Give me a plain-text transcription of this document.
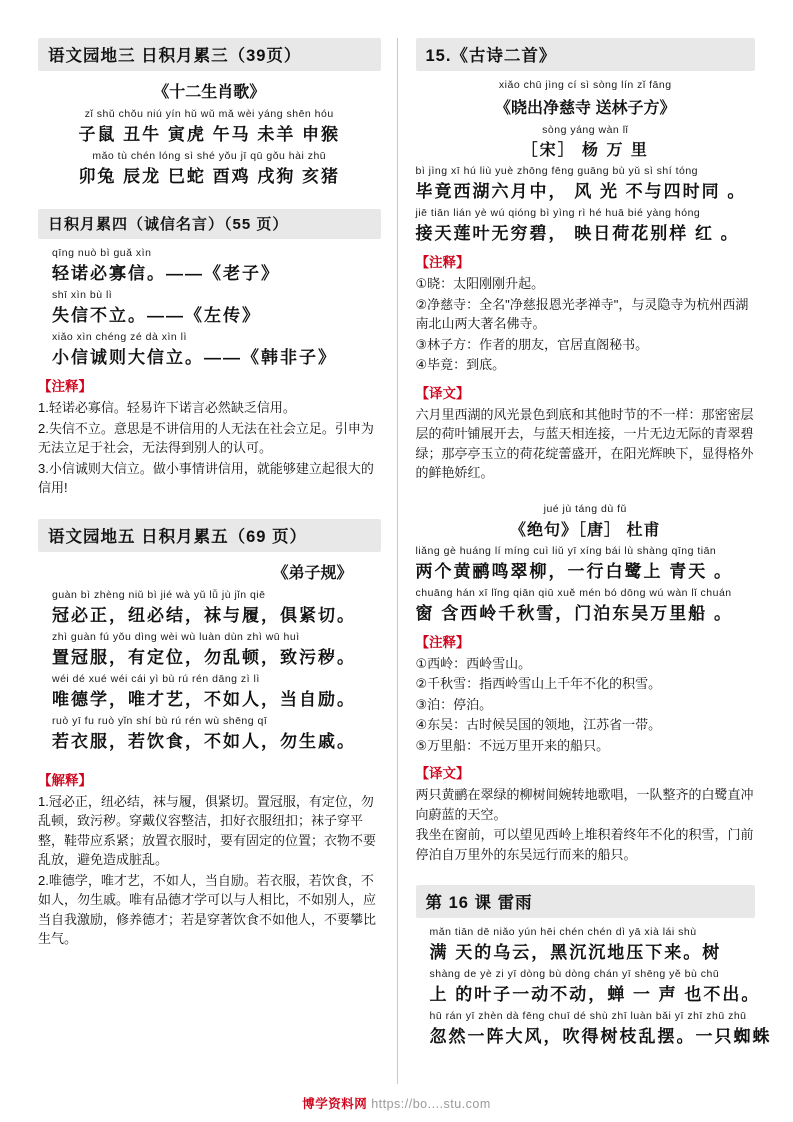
语文园地三 日积月累三（39页）
《十二生肖歌》
zǐ shǔ chǒu niú yín hǔ wǔ mǎ wèi yáng shēn hóu
子鼠 丑牛 寅虎 午马 未羊 申猴
mǎo tù chén lóng sì shé yǒu jī qū gǒu hài zhū
卯兔 辰龙 巳蛇 酉鸡 戌狗 亥猪
日积月累四（诚信名言）（55 页）
qīng nuò bì guǎ xìn
轻诺必寡信。——《老子》
shī xìn bù lì
失信不立。——《左传》
xiǎo xìn chéng zé dà xìn lì
小信诚则大信立。——《韩非子》
【注释】
1.轻诺必寡信。轻易许下诺言必然缺乏信用。
2.失信不立。意思是不讲信用的人无法在社会立足。引申为无法立足于社会，无法得到别人的认可。
3.小信诚则大信立。做小事情讲信用，就能够建立起很大的信用!
语文园地五 日积月累五（69 页）
《弟子规》
guàn bì zhèng niǔ bì jié wà yǔ lǚ jù jǐn qiē
冠必正，纽必结，袜与履，俱紧切。
zhì guàn fú yǒu dìng wèi wù luàn dùn zhì wū huì
置冠服，有定位，勿乱顿，致污秽。
wéi dé xué wéi cái yì bù rú rén dāng zì lì
唯德学，唯才艺，不如人，当自励。
ruò yī fu ruò yǐn shí bù rú rén wù shēng qī
若衣服，若饮食，不如人，勿生戚。
【解释】
1.冠必正，纽必结，袜与履，俱紧切。置冠服，有定位，勿乱顿，致污秽。穿戴仪容整洁，扣好衣服纽扣；袜子穿平整，鞋带应系紧；放置衣服时，要有固定的位置；衣物不要乱放，避免造成脏乱。
2.唯德学，唯才艺，不如人，当自励。若衣服，若饮食，不如人，勿生戚。唯有品德才学可以与人相比，不如别人，应当自我激励，修养德才；若是穿著饮食不如他人，不要攀比生气。
15.《古诗二首》
xiǎo chū jìng cí sì sòng lín zǐ fāng
《晓出净慈寺 送林子方》
sòng yáng wàn lǐ
［宋］ 杨 万 里
bì jìng xī hú liù yuè zhōng fēng guāng bù yǔ sì shí tóng
毕竟西湖六月中， 风 光 不与四时同 。
jiē tiān lián yè wú qióng bì yìng rì hé huā bié yàng hóng
接天莲叶无穷碧， 映日荷花别样 红 。
【注释】
①晓：太阳刚刚升起。
②净慈寺：全名"净慈报恩光孝禅寺"，与灵隐寺为杭州西湖南北山两大著名佛寺。
③林子方：作者的朋友，官居直阁秘书。
④毕竟：到底。
【译文】
六月里西湖的风光景色到底和其他时节的不一样：那密密层层的荷叶铺展开去，与蓝天相连接，一片无边无际的青翠碧绿；那亭亭玉立的荷花绽蕾盛开，在阳光辉映下，显得格外的鲜艳娇红。
jué jù táng dù fǔ
《绝句》［唐］ 杜甫
liǎng gè huáng lí míng cuì liǔ yī xíng bái lù shàng qīng tiān
两个黄鹂鸣翠柳，一行白鹭上 青天 。
chuāng hán xī lǐng qiān qiū xuě mén bó dōng wú wàn lǐ chuán
窗 含西岭千秋雪，门泊东吴万里船 。
【注释】
①西岭：西岭雪山。
②千秋雪：指西岭雪山上千年不化的积雪。
③泊：停泊。
④东吴：古时候吴国的领地，江苏省一带。
⑤万里船：不远万里开来的船只。
【译文】
两只黄鹂在翠绿的柳树间婉转地歌唱，一队整齐的白鹭直冲向蔚蓝的天空。
我坐在窗前，可以望见西岭上堆积着终年不化的积雪，门前停泊自万里外的东吴远行而来的船只。
第 16 课 雷雨
mǎn tiān dē niǎo yún hēi chén chén dì yā xià lái shù
满 天的乌云，黑沉沉地压下来。树
shàng de yè zi yī dòng bù dòng chán yī shēng yě bù chū
上 的叶子一动不动，蝉 一 声 也不出。
hū rán yī zhèn dà fēng chuī dé shù zhī luàn bǎi yī zhī zhū zhū
忽然一阵大风，吹得树枝乱摆。一只蜘蛛
博学资料网 https://bo....stu.com
